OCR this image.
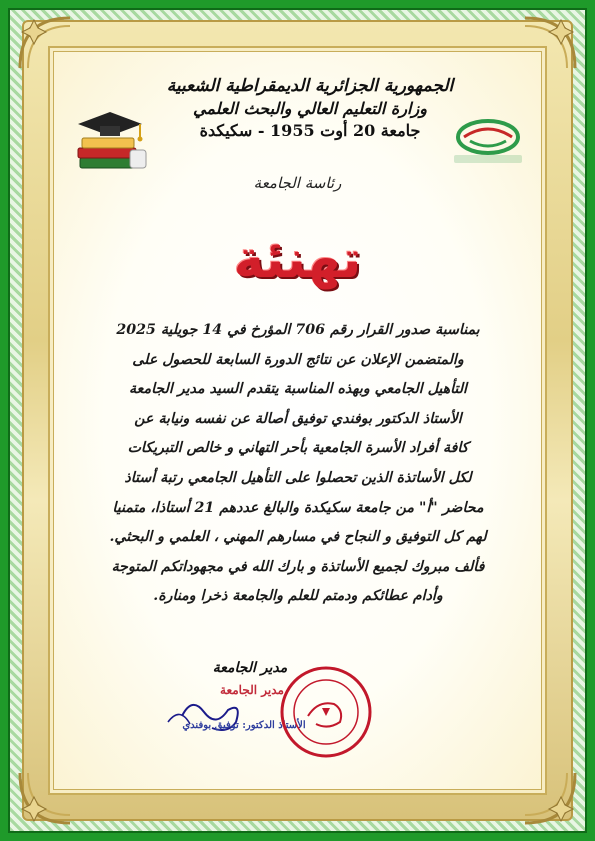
الجمهورية الجزائرية الديمقراطية الشعبية
وزارة التعليم العالي والبحث العلمي
جامعة 20 أوت 1955 - سكيكدة
رئاسة الجامعة
تهنئة
بمناسبة صدور القرار رقم 706 المؤرخ في 14 جويلية 2025
والمتضمن الإعلان عن نتائج الدورة السابعة للحصول على
التأهيل الجامعي وبهذه المناسبة يتقدم السيد مدير الجامعة
الأستاذ الدكتور بوفندي توفيق أصالة عن نفسه ونيابة عن
كافة أفراد الأسرة الجامعية بأحر التهاني و خالص التبريكات
لكل الأساتذة الذين تحصلوا على التأهيل الجامعي رتبة أستاذ
محاضر "أ" من جامعة سكيكدة والبالغ عددهم 21 أستاذا، متمنيا
لهم كل التوفيق و النجاح في مسارهم المهني ، العلمي و البحثي.
فألف مبروك لجميع الأساتذة و بارك الله في مجهوداتكم المتوجة
وأدام عطائكم ودمتم للعلم والجامعة ذخرا ومنارة.
مدير الجامعة
مدير الجامعة
الأستاذ الدكتور: توفيق بوفندي
